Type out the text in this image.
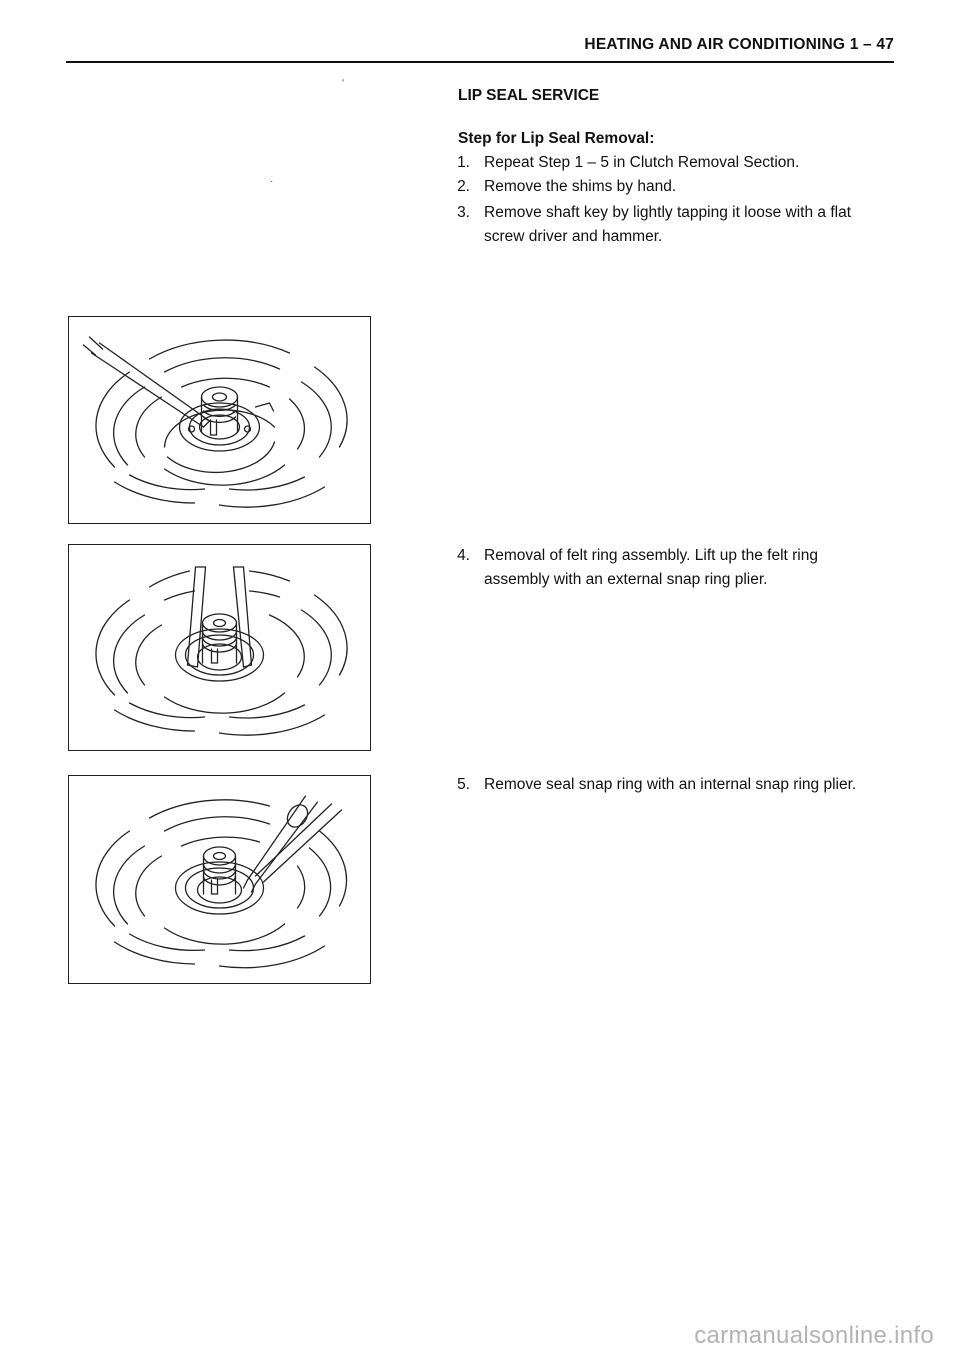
HEATING AND AIR CONDITIONING 1 – 47
LIP SEAL SERVICE
Step for Lip Seal Removal:
1. Repeat Step 1 – 5 in Clutch Removal Section.
2. Remove the shims by hand.
3. Remove shaft key by lightly tapping it loose with a flat
screw driver and hammer.
4. Removal of felt ring assembly. Lift up the felt ring
assembly with an external snap ring plier.
5. Remove seal snap ring with an internal snap ring plier.
‘
·
carmanualsonline.info
